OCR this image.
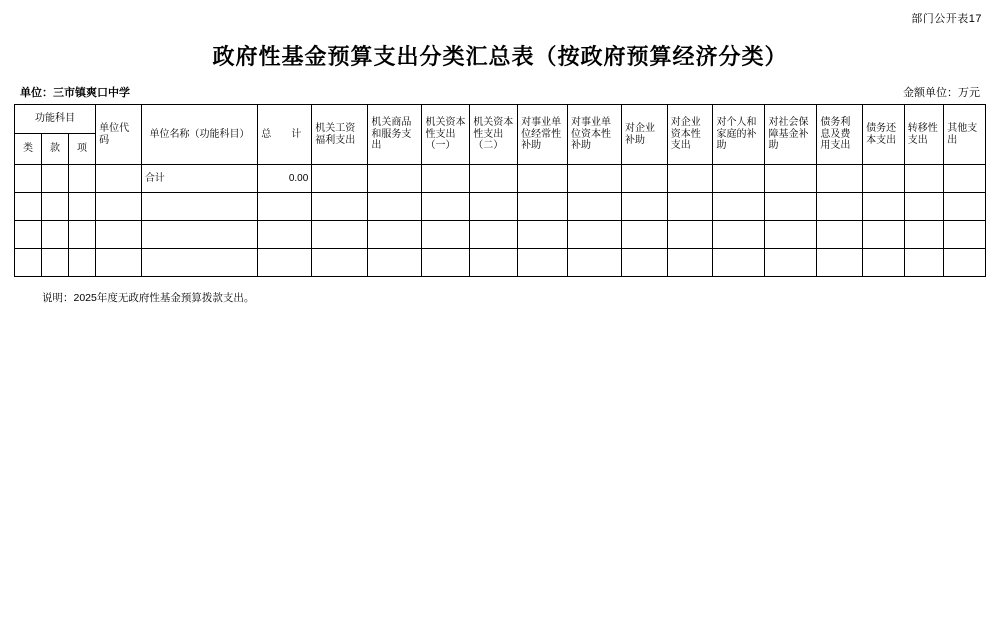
部门公开表17
政府性基金预算支出分类汇总表（按政府预算经济分类）
单位：三市镇爽口中学	金额单位：万元
功能科目			单位代码	单位名称（功能科目）	总　　计	机关工资福利支出	机关商品和服务支出	机关资本性支出（一）	机关资本性支出（二）	对事业单位经常性补助	对事业单位资本性补助	对企业补助	对企业资本性支出	对个人和家庭的补助	对社会保障基金补助	债务利息及费用支出	债务还本支出	转移性支出	其他支出
类	款	项																	
				合计	0.00														

说明：2025年度无政府性基金预算拨款支出。
